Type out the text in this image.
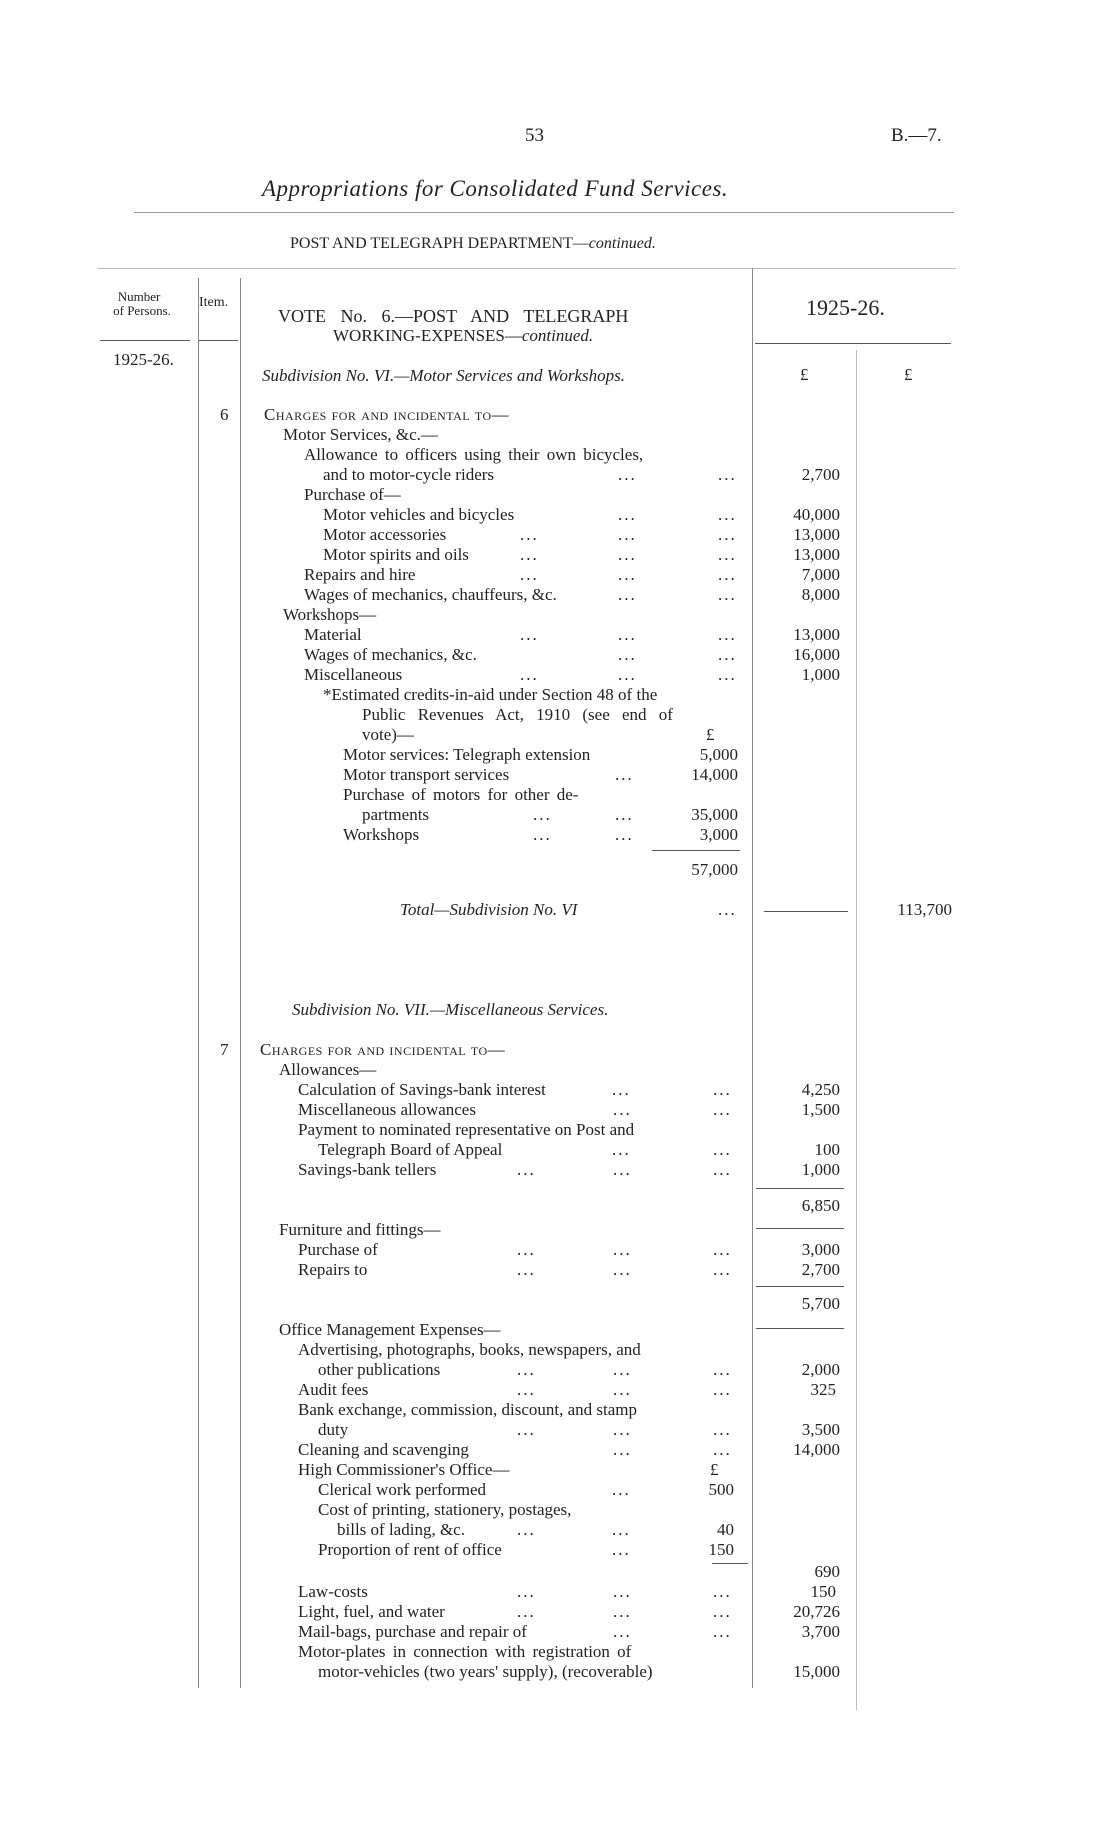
53	B.—7.
Appropriations for Consolidated Fund Services.
POST AND TELEGRAPH DEPARTMENT—continued.
Number
of Persons.
1925-26.
Item.	1925-26.
£	£
VOTE No. 6.—POST AND TELEGRAPH
WORKING-EXPENSES—continued.
Subdivision No. VI.—Motor Services and Workshops.
6 Charges for and incidental to—
Motor Services, &c.—
Allowance to officers using their own bicycles,
and to motor-cycle riders	...	...	2,700
Purchase of—
Motor vehicles and bicycles	...	...	40,000
Motor accessories	...	...	...	13,000
Motor spirits and oils	...	...	...	13,000
Repairs and hire	...	...	...	7,000
Wages of mechanics, chauffeurs, &c.	...	...	8,000
Workshops—
Material	...	...	...	13,000
Wages of mechanics, &c.	...	...	16,000
Miscellaneous	...	...	...	1,000
*Estimated credits-in-aid under Section 48 of the
Public Revenues Act, 1910 (see end of
vote)—	£
Motor services: Telegraph extension	5,000
Motor transport services	...	14,000
Purchase of motors for other de-
partments	...	...	35,000
Workshops	...	...	3,000
57,000
Total—Subdivision No. VI	...	113,700
Subdivision No. VII.—Miscellaneous Services.
7 Charges for and incidental to—
Allowances—
Calculation of Savings-bank interest	...	...	4,250
Miscellaneous allowances	...	...	1,500
Payment to nominated representative on Post and
Telegraph Board of Appeal	...	...	100
Savings-bank tellers	...	...	...	1,000
6,850
Furniture and fittings—
Purchase of	...	...	...	3,000
Repairs to	...	...	...	2,700
5,700
Office Management Expenses—
Advertising, photographs, books, newspapers, and
other publications	...	...	...	2,000
Audit fees	...	...	...	325
Bank exchange, commission, discount, and stamp
duty	...	...	...	3,500
Cleaning and scavenging	...	...	14,000
High Commissioner's Office—	£
Clerical work performed	...	500
Cost of printing, stationery, postages,
bills of lading, &c.	...	...	40
Proportion of rent of office	...	150
690
Law-costs	...	...	...	150
Light, fuel, and water	...	...	...	20,726
Mail-bags, purchase and repair of	...	...	3,700
Motor-plates in connection with registration of
motor-vehicles (two years' supply), (recoverable)	15,000
